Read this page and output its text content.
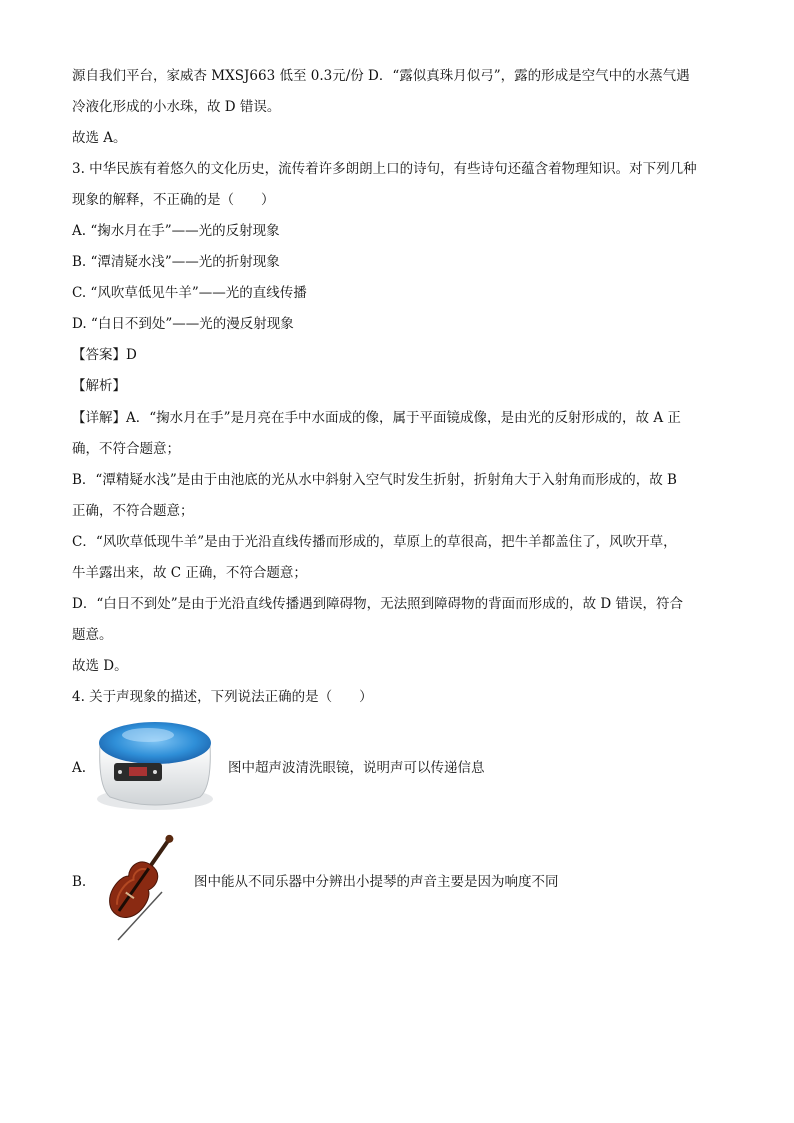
源自我们平台，家威杏 MXSJ663 低至 0.3元/份 D．“露似真珠月似弓”，露的形成是空气中的水蒸气遇
冷液化形成的小水珠，故 D 错误。
故选 A。
3. 中华民族有着悠久的文化历史，流传着许多朗朗上口的诗句，有些诗句还蕴含着物理知识。对下列几种
现象的解释，不正确的是（　　）
A. “掬水月在手”——光的反射现象
B. “潭清疑水浅”——光的折射现象
C. “风吹草低见牛羊”——光的直线传播
D. “白日不到处”——光的漫反射现象
【答案】D
【解析】
【详解】A．“掬水月在手”是月亮在手中水面成的像，属于平面镜成像，是由光的反射形成的，故 A 正
确，不符合题意；
B．“潭精疑水浅”是由于由池底的光从水中斜射入空气时发生折射，折射角大于入射角而形成的，故 B
正确，不符合题意；
C．“风吹草低现牛羊”是由于光沿直线传播而形成的，草原上的草很高，把牛羊都盖住了，风吹开草，
牛羊露出来，故 C 正确，不符合题意；
D．“白日不到处”是由于光沿直线传播遇到障碍物，无法照到障碍物的背面而形成的，故 D 错误，符合
题意。
故选 D。
4. 关于声现象的描述，下列说法正确的是（　　）
A.	图中超声波清洗眼镜，说明声可以传递信息
B.	图中能从不同乐器中分辨出小提琴的声音主要是因为响度不同
